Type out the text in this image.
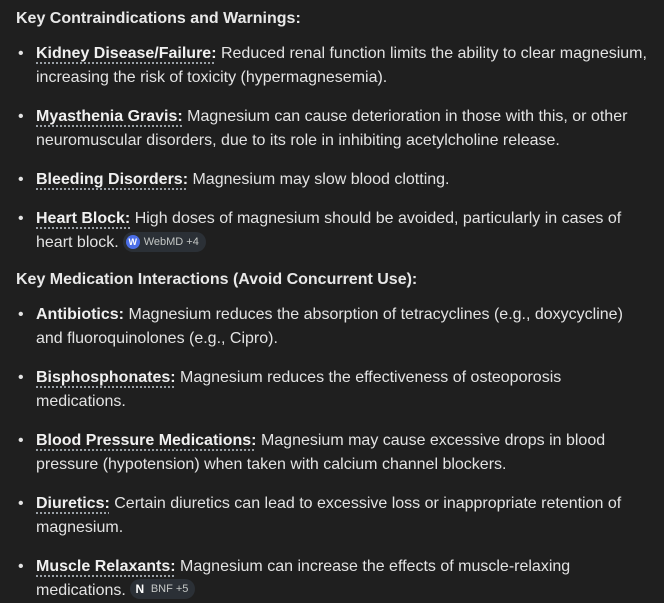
Key Contraindications and Warnings:
• Kidney Disease/Failure: Reduced renal function limits the ability to clear magnesium, increasing the risk of toxicity (hypermagnesemia).
• Myasthenia Gravis: Magnesium can cause deterioration in those with this, or other neuromuscular disorders, due to its role in inhibiting acetylcholine release.
• Bleeding Disorders: Magnesium may slow blood clotting.
• Heart Block: High doses of magnesium should be avoided, particularly in cases of heart block.	W WebMD +4
Key Medication Interactions (Avoid Concurrent Use):
• Antibiotics: Magnesium reduces the absorption of tetracyclines (e.g., doxycycline) and fluoroquinolones (e.g., Cipro).
• Bisphosphonates: Magnesium reduces the effectiveness of osteoporosis medications.
• Blood Pressure Medications: Magnesium may cause excessive drops in blood pressure (hypotension) when taken with calcium channel blockers.
• Diuretics: Certain diuretics can lead to excessive loss or inappropriate retention of magnesium.
• Muscle Relaxants: Magnesium can increase the effects of muscle-relaxing medications. N BNF +5
